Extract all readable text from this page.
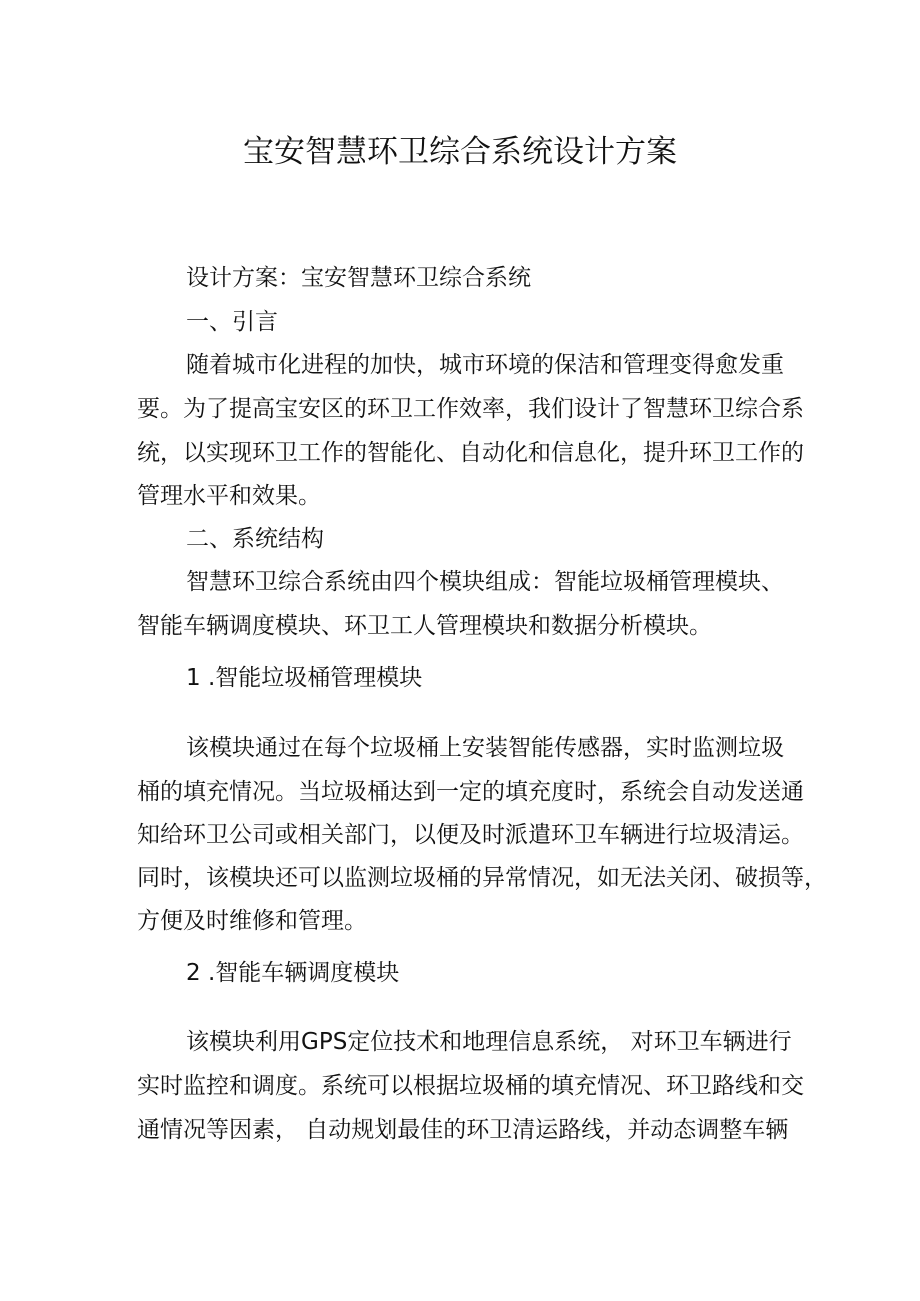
宝安智慧环卫综合系统设计方案
设计方案：宝安智慧环卫综合系统
一、引言
随着城市化进程的加快，城市环境的保洁和管理变得愈发重
要。为了提高宝安区的环卫工作效率，我们设计了智慧环卫综合系
统，以实现环卫工作的智能化、自动化和信息化，提升环卫工作的
管理水平和效果。
二、系统结构
智慧环卫综合系统由四个模块组成：智能垃圾桶管理模块、
智能车辆调度模块、环卫工人管理模块和数据分析模块。
1 .智能垃圾桶管理模块
该模块通过在每个垃圾桶上安装智能传感器，实时监测垃圾
桶的填充情况。当垃圾桶达到一定的填充度时，系统会自动发送通
知给环卫公司或相关部门，以便及时派遣环卫车辆进行垃圾清运。
同时，该模块还可以监测垃圾桶的异常情况，如无法关闭、破损等，
方便及时维修和管理。
2 .智能车辆调度模块
该模块利用GPS定位技术和地理信息系统， 对环卫车辆进行
实时监控和调度。系统可以根据垃圾桶的填充情况、环卫路线和交
通情况等因素， 自动规划最佳的环卫清运路线，并动态调整车辆
